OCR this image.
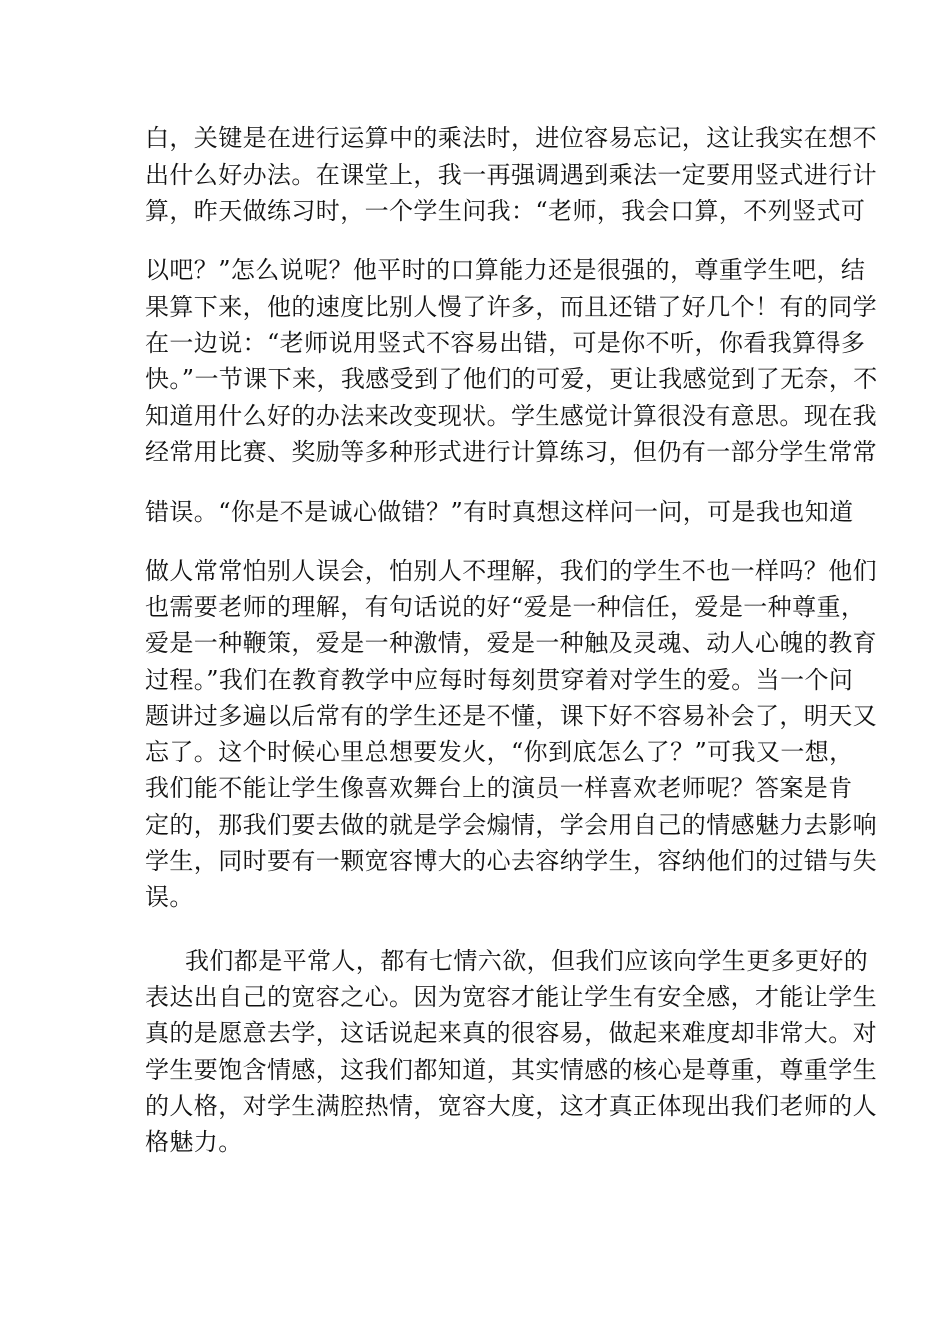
白，关键是在进行运算中的乘法时，进位容易忘记，这让我实在想不
出什么好办法。在课堂上，我一再强调遇到乘法一定要用竖式进行计
算，昨天做练习时，一个学生问我：“老师，我会口算，不列竖式可
以吧？”怎么说呢？他平时的口算能力还是很强的，尊重学生吧，结
果算下来，他的速度比别人慢了许多，而且还错了好几个！有的同学
在一边说：“老师说用竖式不容易出错，可是你不听，你看我算得多
快。”一节课下来，我感受到了他们的可爱，更让我感觉到了无奈，不
知道用什么好的办法来改变现状。学生感觉计算很没有意思。现在我
经常用比赛、奖励等多种形式进行计算练习，但仍有一部分学生常常
错误。“你是不是诚心做错？”有时真想这样问一问，可是我也知道
做人常常怕别人误会，怕别人不理解，我们的学生不也一样吗？他们
也需要老师的理解，有句话说的好“爱是一种信任，爱是一种尊重，
爱是一种鞭策，爱是一种激情，爱是一种触及灵魂、动人心魄的教育
过程。”我们在教育教学中应每时每刻贯穿着对学生的爱。当一个问
题讲过多遍以后常有的学生还是不懂，课下好不容易补会了，明天又
忘了。这个时候心里总想要发火，“你到底怎么了？”可我又一想，
我们能不能让学生像喜欢舞台上的演员一样喜欢老师呢？答案是肯
定的，那我们要去做的就是学会煽情，学会用自己的情感魅力去影响
学生，同时要有一颗宽容博大的心去容纳学生，容纳他们的过错与失
误。
我们都是平常人，都有七情六欲，但我们应该向学生更多更好的
表达出自己的宽容之心。因为宽容才能让学生有安全感，才能让学生
真的是愿意去学，这话说起来真的很容易，做起来难度却非常大。对
学生要饱含情感，这我们都知道，其实情感的核心是尊重，尊重学生
的人格，对学生满腔热情，宽容大度，这才真正体现出我们老师的人
格魅力。
